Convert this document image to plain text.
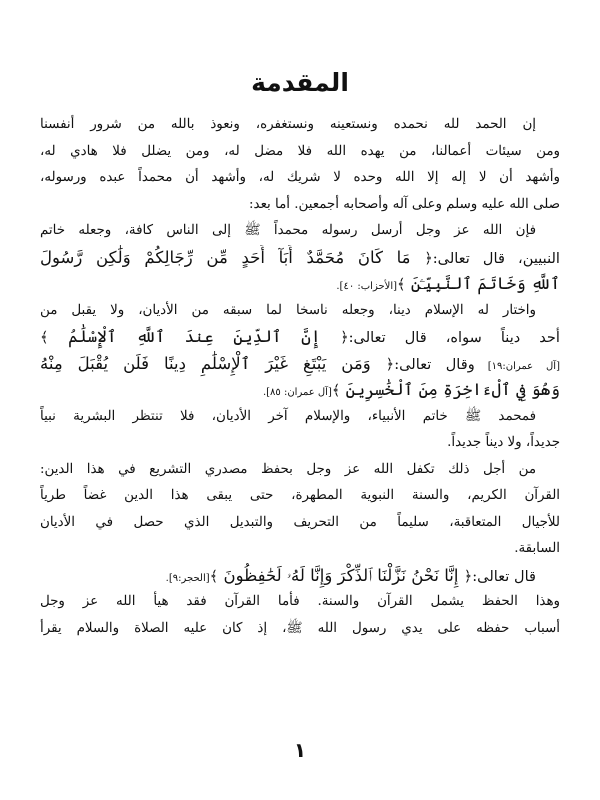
المقدمة
إن الحمد لله نحمده ونستعينه ونستغفره، ونعوذ بالله من شرور أنفسنا
ومن سيئات أعمالنا، من يهده الله فلا مضل له، ومن يضلل فلا هادي له،
وأشهد أن لا إله إلا الله وحده لا شريك له، وأشهد أن محمداً عبده ورسوله،
صلى الله عليه وسلم وعلى آله وأصحابه أجمعين. أما بعد:
فإن الله عز وجل أرسل رسوله محمداً ﷺ إلى الناس كافة، وجعله خاتم
النبيين، قال تعالى:﴿ مَا كَانَ مُحَمَّدٌ أَبَآ أَحَدٍ مِّن رِّجَالِكُمْ وَلَٰكِن رَّسُولَ
ٱللَّهِ وَخَاتَمَ ٱلنَّبِيِّـۧنَ ﴾[الأحزاب: ٤٠].
واختار له الإسلام دينا، وجعله ناسخا لما سبقه من الأديان، ولا يقبل من
أحد ديناً سواه، قال تعالى:﴿ إِنَّ ٱلدِّينَ عِندَ ٱللَّهِ ٱلْإِسْلَٰمُ ﴾
[آل عمران:١٩] وقال تعالى:﴿ وَمَن يَبْتَغِ غَيْرَ ٱلْإِسْلَٰمِ دِينًا فَلَن يُقْبَلَ مِنْهُ
وَهُوَ فِي ٱلْءَاخِرَةِ مِنَ ٱلْخَٰسِرِينَ ﴾[آل عمران: ٨٥].
فمحمد ﷺ خاتم الأنبياء، والإسلام آخر الأديان، فلا تنتظر البشرية نبياً
جديداً، ولا ديناً جديداً.
من أجل ذلك تكفل الله عز وجل بحفظ مصدري التشريع في هذا الدين:
القرآن الكريم، والسنة النبوية المطهرة، حتى يبقى هذا الدين غضاً طرياً
للأجيال المتعاقبة، سليماً من التحريف والتبديل الذي حصل في الأديان
السابقة.
قال تعالى:﴿ إِنَّا نَحْنُ نَزَّلْنَا ٱلذِّكْرَ وَإِنَّا لَهُۥ لَحَٰفِظُونَ ﴾[الحجر:٩].
وهذا الحفظ يشمل القرآن والسنة. فأما القرآن فقد هيأ الله عز وجل
أسباب حفظه على يدي رسول الله ﷺ، إذ كان عليه الصلاة والسلام يقرأ
١
